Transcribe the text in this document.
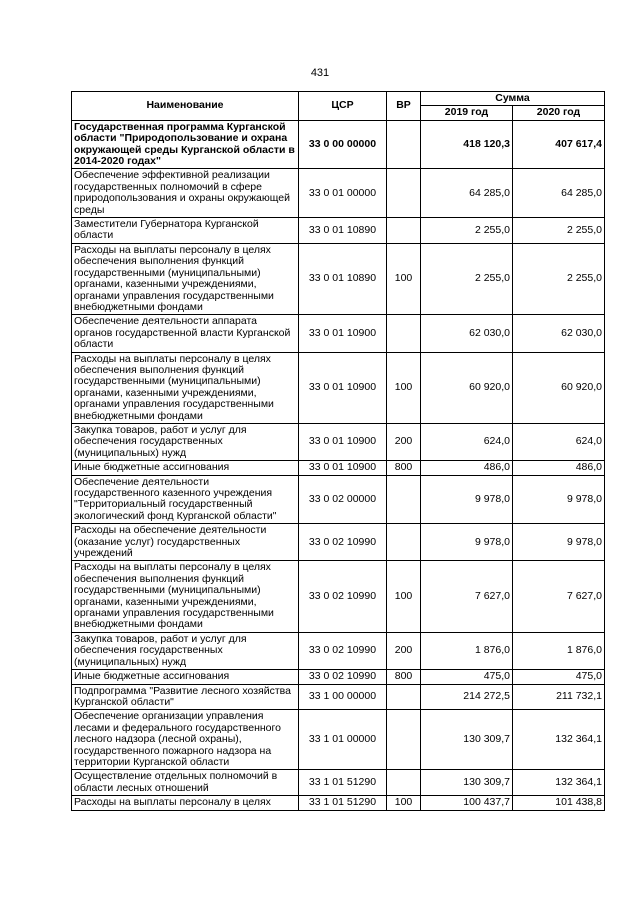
431
Наименование	ЦСР	ВР	Сумма	
			2019 год	2020 год
Государственная программа Курганской области "Природопользование и охрана окружающей среды Курганской области в 2014-2020 годах"	33 0 00 00000		418 120,3	407 617,4
Обеспечение эффективной реализации государственных полномочий в сфере природопользования и охраны окружающей среды	33 0 01 00000		64 285,0	64 285,0
Заместители Губернатора Курганской области	33 0 01 10890		2 255,0	2 255,0
Расходы на выплаты персоналу в целях обеспечения выполнения функций государственными (муниципальными) органами, казенными учреждениями, органами управления государственными внебюджетными фондами	33 0 01 10890	100	2 255,0	2 255,0
Обеспечение деятельности аппарата органов государственной власти Курганской области	33 0 01 10900		62 030,0	62 030,0
Расходы на выплаты персоналу в целях обеспечения выполнения функций государственными (муниципальными) органами, казенными учреждениями, органами управления государственными внебюджетными фондами	33 0 01 10900	100	60 920,0	60 920,0
Закупка товаров, работ и услуг для обеспечения государственных (муниципальных) нужд	33 0 01 10900	200	624,0	624,0
Иные бюджетные ассигнования	33 0 01 10900	800	486,0	486,0
Обеспечение деятельности государственного казенного учреждения "Территориальный государственный экологический фонд Курганской области"	33 0 02 00000		9 978,0	9 978,0
Расходы на обеспечение деятельности (оказание услуг) государственных учреждений	33 0 02 10990		9 978,0	9 978,0
Расходы на выплаты персоналу в целях обеспечения выполнения функций государственными (муниципальными) органами, казенными учреждениями, органами управления государственными внебюджетными фондами	33 0 02 10990	100	7 627,0	7 627,0
Закупка товаров, работ и услуг для обеспечения государственных (муниципальных) нужд	33 0 02 10990	200	1 876,0	1 876,0
Иные бюджетные ассигнования	33 0 02 10990	800	475,0	475,0
Подпрограмма "Развитие лесного хозяйства Курганской области"	33 1 00 00000		214 272,5	211 732,1
Обеспечение организации управления лесами и федерального государственного лесного надзора (лесной охраны), государственного пожарного надзора на территории Курганской области	33 1 01 00000		130 309,7	132 364,1
Осуществление отдельных полномочий в области лесных отношений	33 1 01 51290		130 309,7	132 364,1
Расходы на выплаты персоналу в целях	33 1 01 51290	100	100 437,7	101 438,8
